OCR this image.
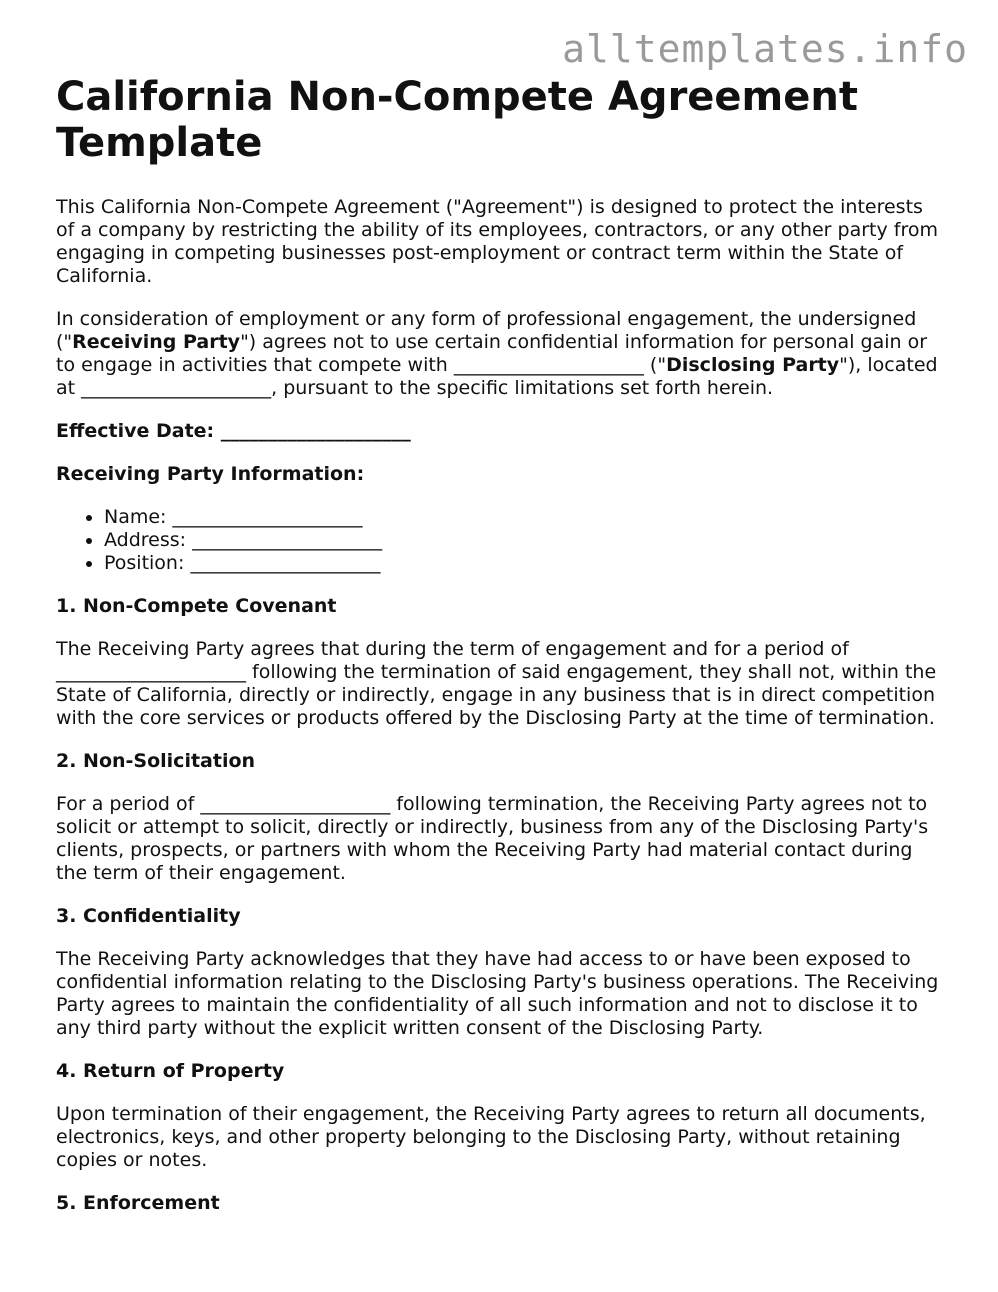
alltemplates.info
California Non-Compete Agreement Template

This California Non-Compete Agreement ("Agreement") is designed to protect the interests of a company by restricting the ability of its employees, contractors, or any other party from engaging in competing businesses post-employment or contract term within the State of California.

In consideration of employment or any form of professional engagement, the undersigned ("Receiving Party") agrees not to use certain confidential information for personal gain or to engage in activities that compete with ____________________ ("Disclosing Party"), located at ____________________, pursuant to the specific limitations set forth herein.

Effective Date: ____________________
Receiving Party Information:
• Name: ____________________
• Address: ____________________
• Position: ____________________
1. Non-Compete Covenant

The Receiving Party agrees that during the term of engagement and for a period of ____________________ following the termination of said engagement, they shall not, within the State of California, directly or indirectly, engage in any business that is in direct competition with the core services or products offered by the Disclosing Party at the time of termination.

2. Non-Solicitation

For a period of ____________________ following termination, the Receiving Party agrees not to solicit or attempt to solicit, directly or indirectly, business from any of the Disclosing Party's clients, prospects, or partners with whom the Receiving Party had material contact during the term of their engagement.

3. Confidentiality

The Receiving Party acknowledges that they have had access to or have been exposed to confidential information relating to the Disclosing Party's business operations. The Receiving Party agrees to maintain the confidentiality of all such information and not to disclose it to any third party without the explicit written consent of the Disclosing Party.

4. Return of Property

Upon termination of their engagement, the Receiving Party agrees to return all documents, electronics, keys, and other property belonging to the Disclosing Party, without retaining copies or notes.

5. Enforcement
